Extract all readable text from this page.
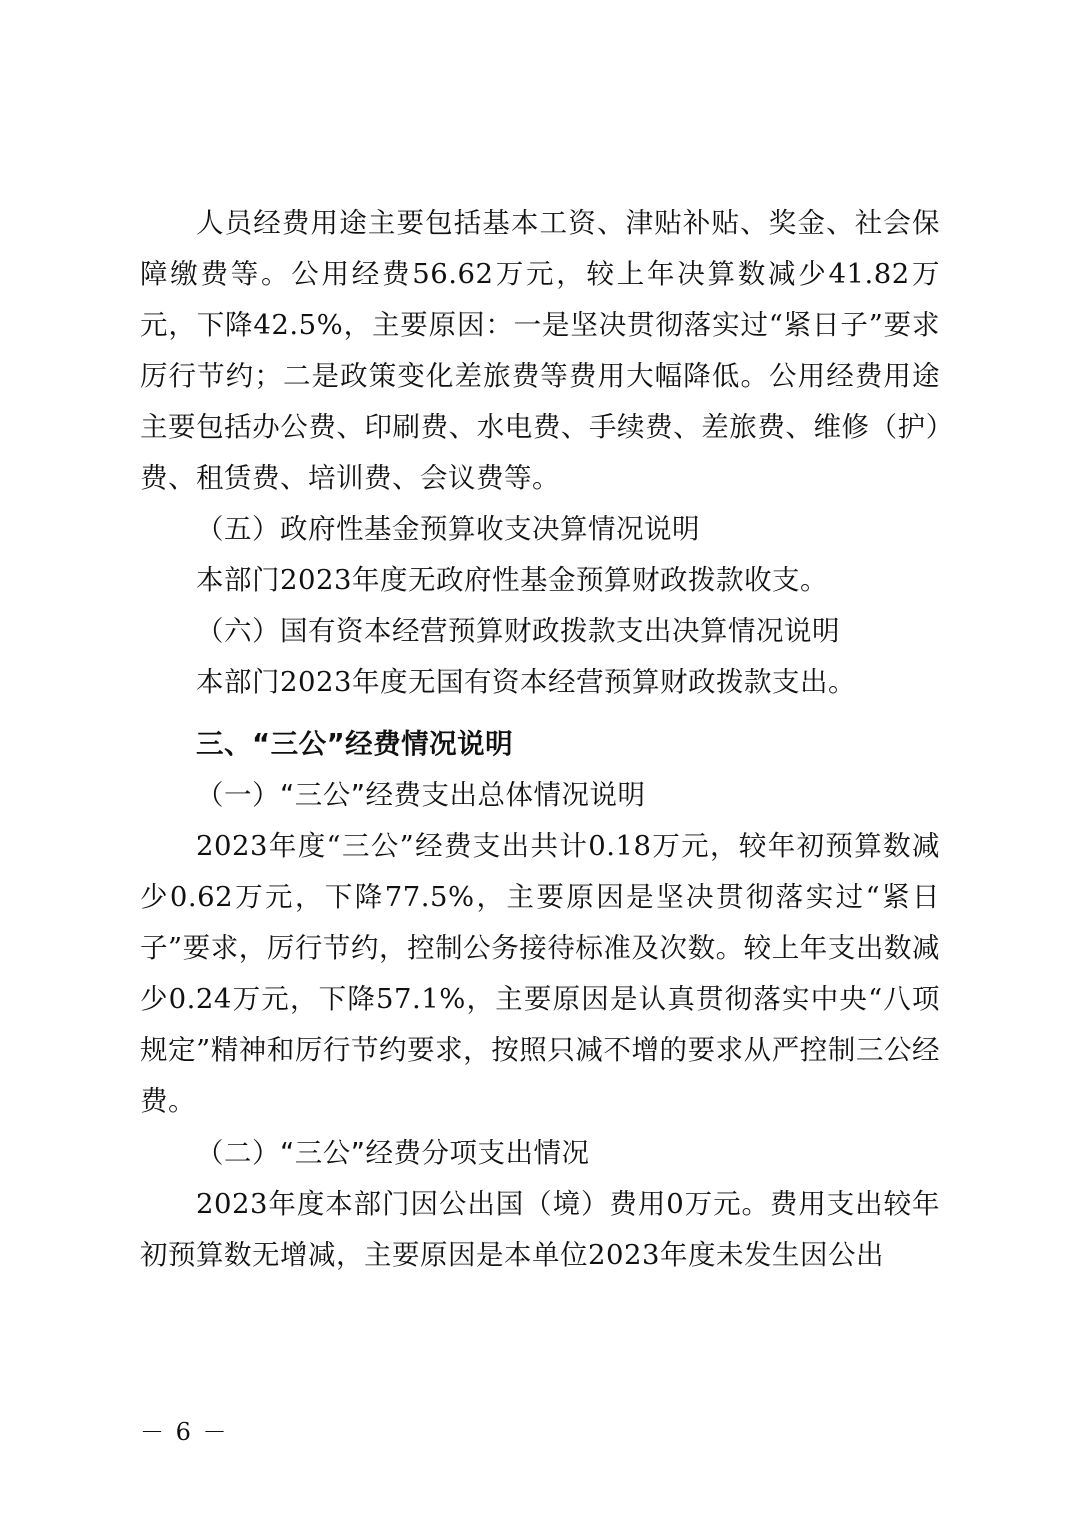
人员经费用途主要包括基本工资、津贴补贴、奖金、社会保障缴费等。公用经费56.62万元，较上年决算数减少41.82万元，下降42.5%，主要原因：一是坚决贯彻落实过“紧日子”要求厉行节约；二是政策变化差旅费等费用大幅降低。公用经费用途主要包括办公费、印刷费、水电费、手续费、差旅费、维修（护）费、租赁费、培训费、会议费等。

（五）政府性基金预算收支决算情况说明

本部门2023年度无政府性基金预算财政拨款收支。

（六）国有资本经营预算财政拨款支出决算情况说明

本部门2023年度无国有资本经营预算财政拨款支出。

三、“三公”经费情况说明

（一）“三公”经费支出总体情况说明

2023年度“三公”经费支出共计0.18万元，较年初预算数减少0.62万元，下降77.5%，主要原因是坚决贯彻落实过“紧日子”要求，厉行节约，控制公务接待标准及次数。较上年支出数减少0.24万元，下降57.1%，主要原因是认真贯彻落实中央“八项规定”精神和厉行节约要求，按照只减不增的要求从严控制三公经费。

（二）“三公”经费分项支出情况

2023年度本部门因公出国（境）费用0万元。费用支出较年初预算数无增减，主要原因是本单位2023年度未发生因公出

－ 6 －
